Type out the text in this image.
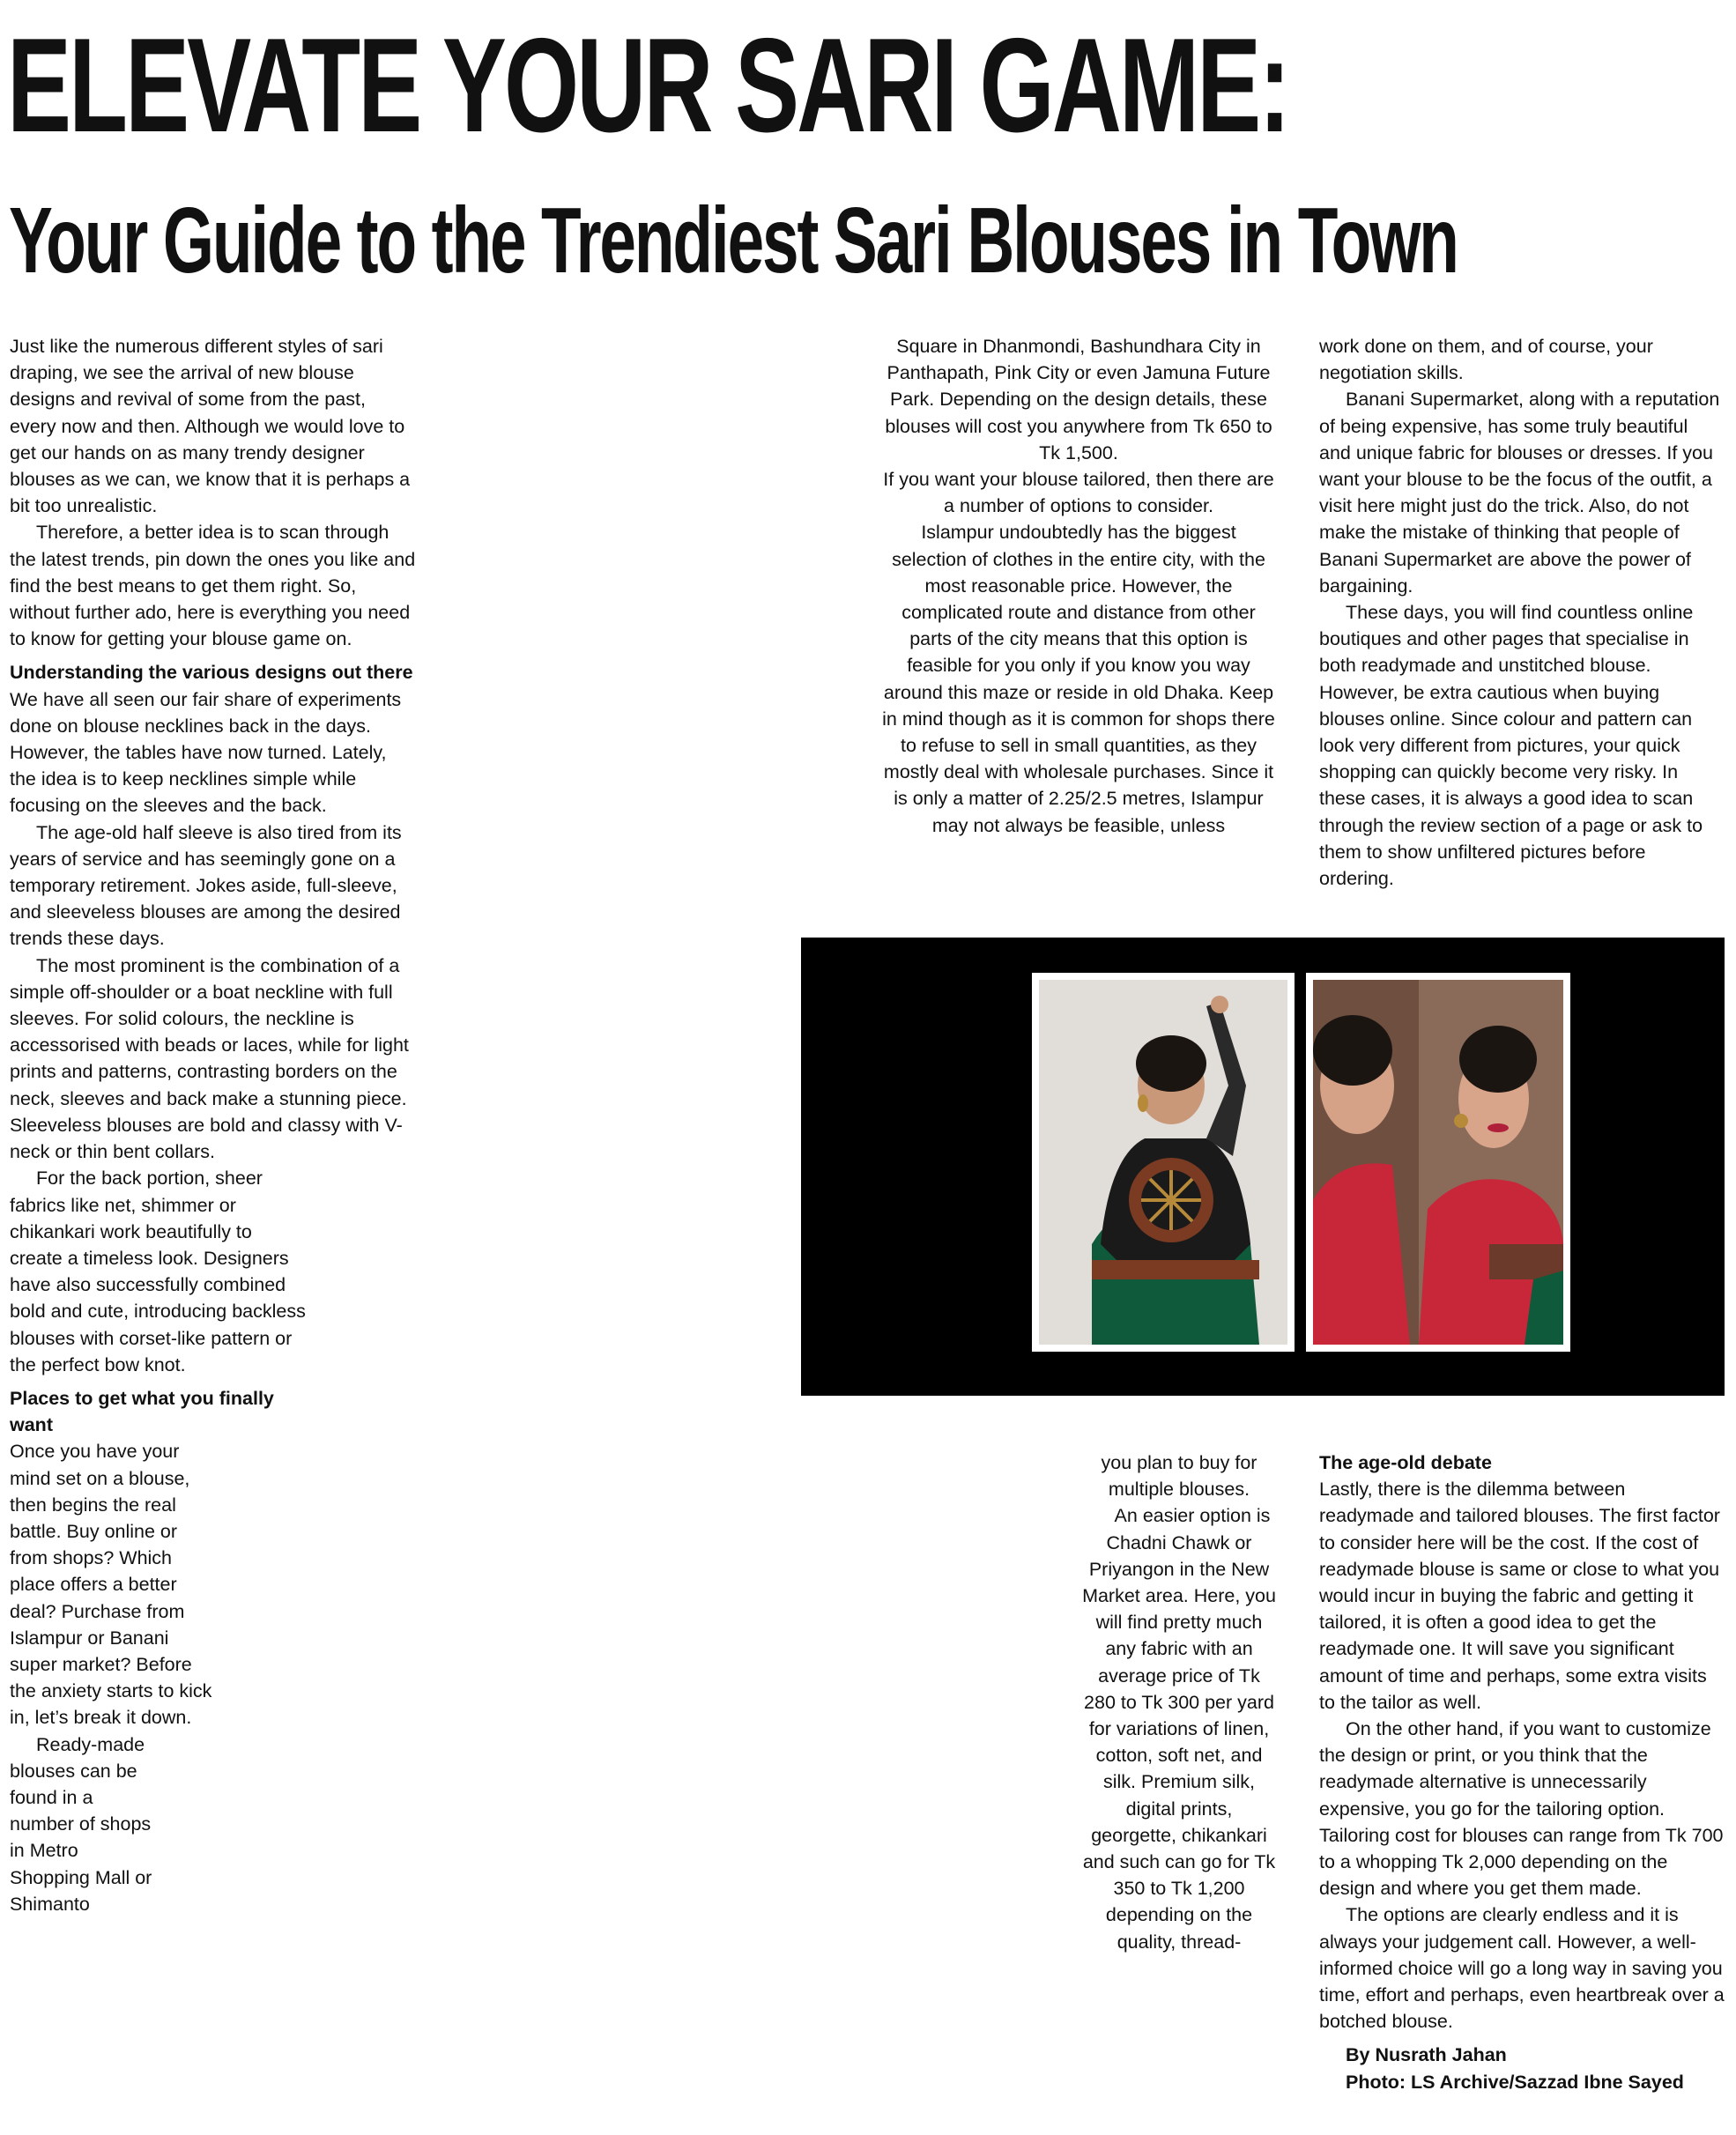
ELEVATE YOUR SARI GAME:
Your Guide to the Trendiest Sari Blouses in Town

Just like the numerous different styles of sari draping, we see the arrival of new blouse designs and revival of some from the past, every now and then. Although we would love to get our hands on as many trendy designer blouses as we can, we know that it is perhaps a bit too unrealistic.

Therefore, a better idea is to scan through the latest trends, pin down the ones you like and find the best means to get them right. So, without further ado, here is everything you need to know for getting your blouse game on.

Understanding the various designs out there

We have all seen our fair share of experiments done on blouse necklines back in the days. However, the tables have now turned. Lately, the idea is to keep necklines simple while focusing on the sleeves and the back.

The age-old half sleeve is also tired from its years of service and has seemingly gone on a temporary retirement. Jokes aside, full-sleeve, and sleeveless blouses are among the desired trends these days.

The most prominent is the combination of a simple off-shoulder or a boat neckline with full sleeves. For solid colours, the neckline is accessorised with beads or laces, while for light prints and patterns, contrasting borders on the neck, sleeves and back make a stunning piece. Sleeveless blouses are bold and classy with V-neck or thin bent collars.

For the back portion, sheer fabrics like net, shimmer or chikankari work beautifully to create a timeless look. Designers have also successfully combined bold and cute, introducing backless blouses with corset-like pattern or the perfect bow knot.

Places to get what you finally want

Once you have your mind set on a blouse, then begins the real battle. Buy online or from shops? Which place offers a better deal? Purchase from Islampur or Banani super market? Before the anxiety starts to kick in, let’s break it down.

Ready-made blouses can be found in a number of shops in Metro Shopping Mall or Shimanto

Square in Dhanmondi, Bashundhara City in Panthapath, Pink City or even Jamuna Future Park. Depending on the design details, these blouses will cost you anywhere from Tk 650 to Tk 1,500.

If you want your blouse tailored, then there are a number of options to consider.

Islampur undoubtedly has the biggest selection of clothes in the entire city, with the most reasonable price. However, the complicated route and distance from other parts of the city means that this option is feasible for you only if you know you way around this maze or reside in old Dhaka. Keep in mind though as it is common for shops there to refuse to sell in small quantities, as they mostly deal with wholesale purchases. Since it is only a matter of 2.25/2.5 metres, Islampur may not always be feasible, unless

work done on them, and of course, your negotiation skills.

Banani Supermarket, along with a reputation of being expensive, has some truly beautiful and unique fabric for blouses or dresses. If you want your blouse to be the focus of the outfit, a visit here might just do the trick. Also, do not make the mistake of thinking that people of Banani Supermarket are above the power of bargaining.

These days, you will find countless online boutiques and other pages that specialise in both readymade and unstitched blouse. However, be extra cautious when buying blouses online. Since colour and pattern can look very different from pictures, your quick shopping can quickly become very risky. In these cases, it is always a good idea to scan through the review section of a page or ask to them to show unfiltered pictures before ordering.

you plan to buy for multiple blouses.

An easier option is Chadni Chawk or Priyangon in the New Market area. Here, you will find pretty much any fabric with an average price of Tk 280 to Tk 300 per yard for variations of linen, cotton, soft net, and silk. Premium silk, digital prints, georgette, chikankari and such can go for Tk 350 to Tk 1,200 depending on the quality, thread-

The age-old debate

Lastly, there is the dilemma between readymade and tailored blouses. The first factor to consider here will be the cost. If the cost of readymade blouse is same or close to what you would incur in buying the fabric and getting it tailored, it is often a good idea to get the readymade one. It will save you significant amount of time and perhaps, some extra visits to the tailor as well.

On the other hand, if you want to customize the design or print, or you think that the readymade alternative is unnecessarily expensive, you go for the tailoring option. Tailoring cost for blouses can range from Tk 700 to a whopping Tk 2,000 depending on the design and where you get them made.

The options are clearly endless and it is always your judgement call. However, a well-informed choice will go a long way in saving you time, effort and perhaps, even heartbreak over a botched blouse.

By Nusrath Jahan

Photo: LS Archive/Sazzad Ibne Sayed
